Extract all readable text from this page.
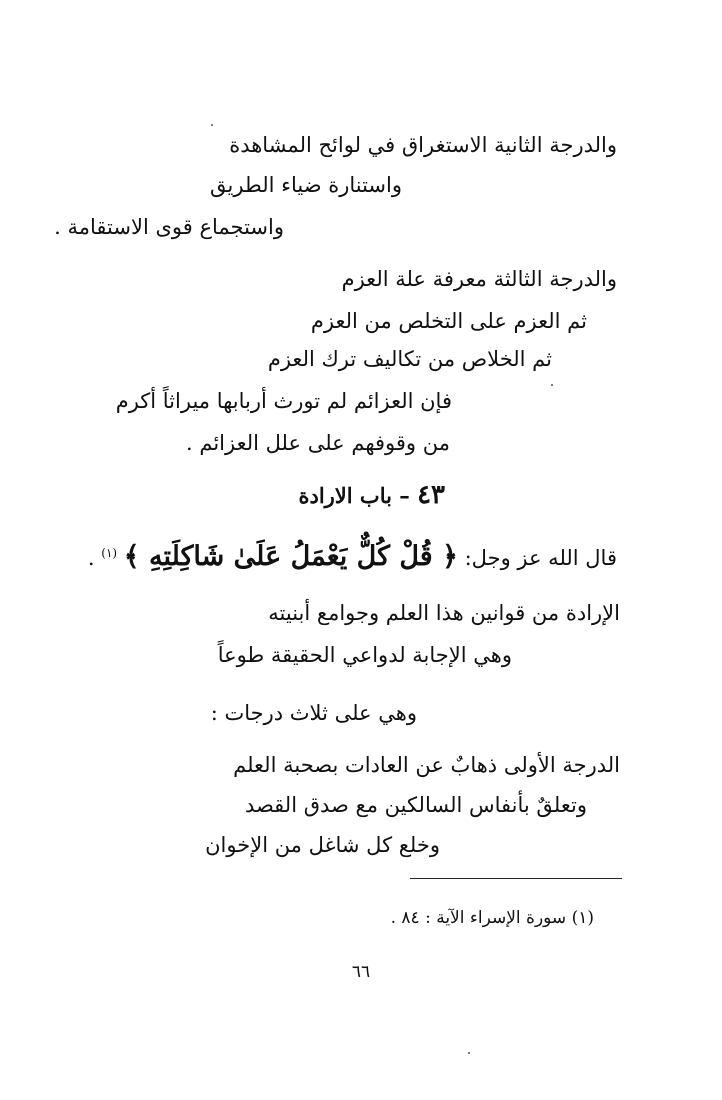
والدرجة الثانية الاستغراق في لوائح المشاهدة
واستنارة ضياء الطريق
واستجماع قوى الاستقامة .
والدرجة الثالثة معرفة علة العزم
ثم العزم على التخلص من العزم
ثم الخلاص من تكاليف ترك العزم
فإن العزائم لم تورث أربابها ميراثاً أكرم
من وقوفهم على علل العزائم .
٤٣ – باب الارادة
قال الله عز وجل: ﴿ قُلْ كُلٌّ يَعْمَلُ عَلَىٰ شَاكِلَتِهِ ﴾ $^{(١)}$ .
الإرادة من قوانين هذا العلم وجوامع أبنيته
وهي الإجابة لدواعي الحقيقة طوعاً
وهي على ثلاث درجات :
الدرجة الأولى ذهابٌ عن العادات بصحبة العلم
وتعلقٌ بأنفاس السالكين مع صدق القصد
وخلع كل شاغل من الإخوان
(١) سورة الإسراء الآية : ٨٤ .
٦٦
